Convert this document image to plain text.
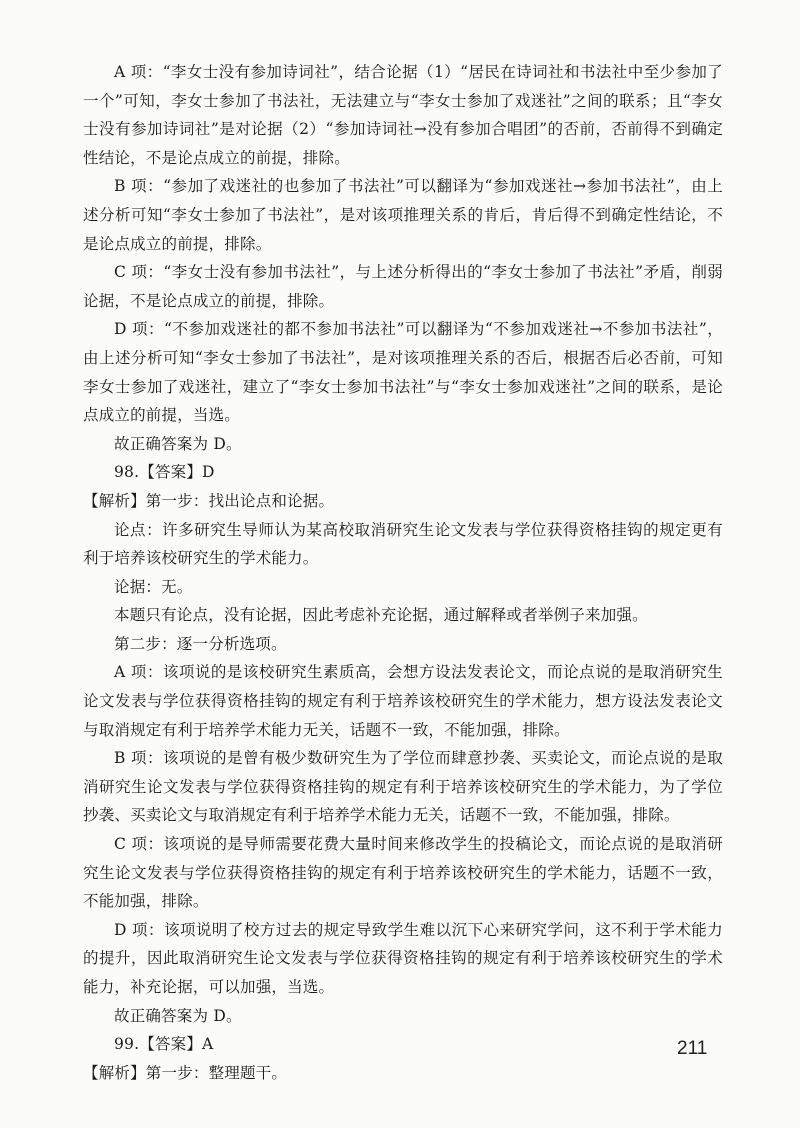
A 项：“李女士没有参加诗词社”，结合论据（1）“居民在诗词社和书法社中至少参加了一个”可知，李女士参加了书法社，无法建立与“李女士参加了戏迷社”之间的联系；且“李女士没有参加诗词社”是对论据（2）“参加诗词社→没有参加合唱团”的否前，否前得不到确定性结论，不是论点成立的前提，排除。

B 项：“参加了戏迷社的也参加了书法社”可以翻译为“参加戏迷社→参加书法社”，由上述分析可知“李女士参加了书法社”，是对该项推理关系的肯后，肯后得不到确定性结论，不是论点成立的前提，排除。

C 项：“李女士没有参加书法社”，与上述分析得出的“李女士参加了书法社”矛盾，削弱论据，不是论点成立的前提，排除。

D 项：“不参加戏迷社的都不参加书法社”可以翻译为“不参加戏迷社→不参加书法社”，由上述分析可知“李女士参加了书法社”，是对该项推理关系的否后，根据否后必否前，可知李女士参加了戏迷社，建立了“李女士参加书法社”与“李女士参加戏迷社”之间的联系，是论点成立的前提，当选。

故正确答案为 D。

98.【答案】D

【解析】第一步：找出论点和论据。

论点：许多研究生导师认为某高校取消研究生论文发表与学位获得资格挂钩的规定更有利于培养该校研究生的学术能力。

论据：无。

本题只有论点，没有论据，因此考虑补充论据，通过解释或者举例子来加强。

第二步：逐一分析选项。

A 项：该项说的是该校研究生素质高，会想方设法发表论文，而论点说的是取消研究生论文发表与学位获得资格挂钩的规定有利于培养该校研究生的学术能力，想方设法发表论文与取消规定有利于培养学术能力无关，话题不一致，不能加强，排除。

B 项：该项说的是曾有极少数研究生为了学位而肆意抄袭、买卖论文，而论点说的是取消研究生论文发表与学位获得资格挂钩的规定有利于培养该校研究生的学术能力，为了学位抄袭、买卖论文与取消规定有利于培养学术能力无关，话题不一致，不能加强，排除。

C 项：该项说的是导师需要花费大量时间来修改学生的投稿论文，而论点说的是取消研究生论文发表与学位获得资格挂钩的规定有利于培养该校研究生的学术能力，话题不一致，不能加强，排除。

D 项：该项说明了校方过去的规定导致学生难以沉下心来研究学问，这不利于学术能力的提升，因此取消研究生论文发表与学位获得资格挂钩的规定有利于培养该校研究生的学术能力，补充论据，可以加强，当选。

故正确答案为 D。

99.【答案】A

【解析】第一步：整理题干。

211
